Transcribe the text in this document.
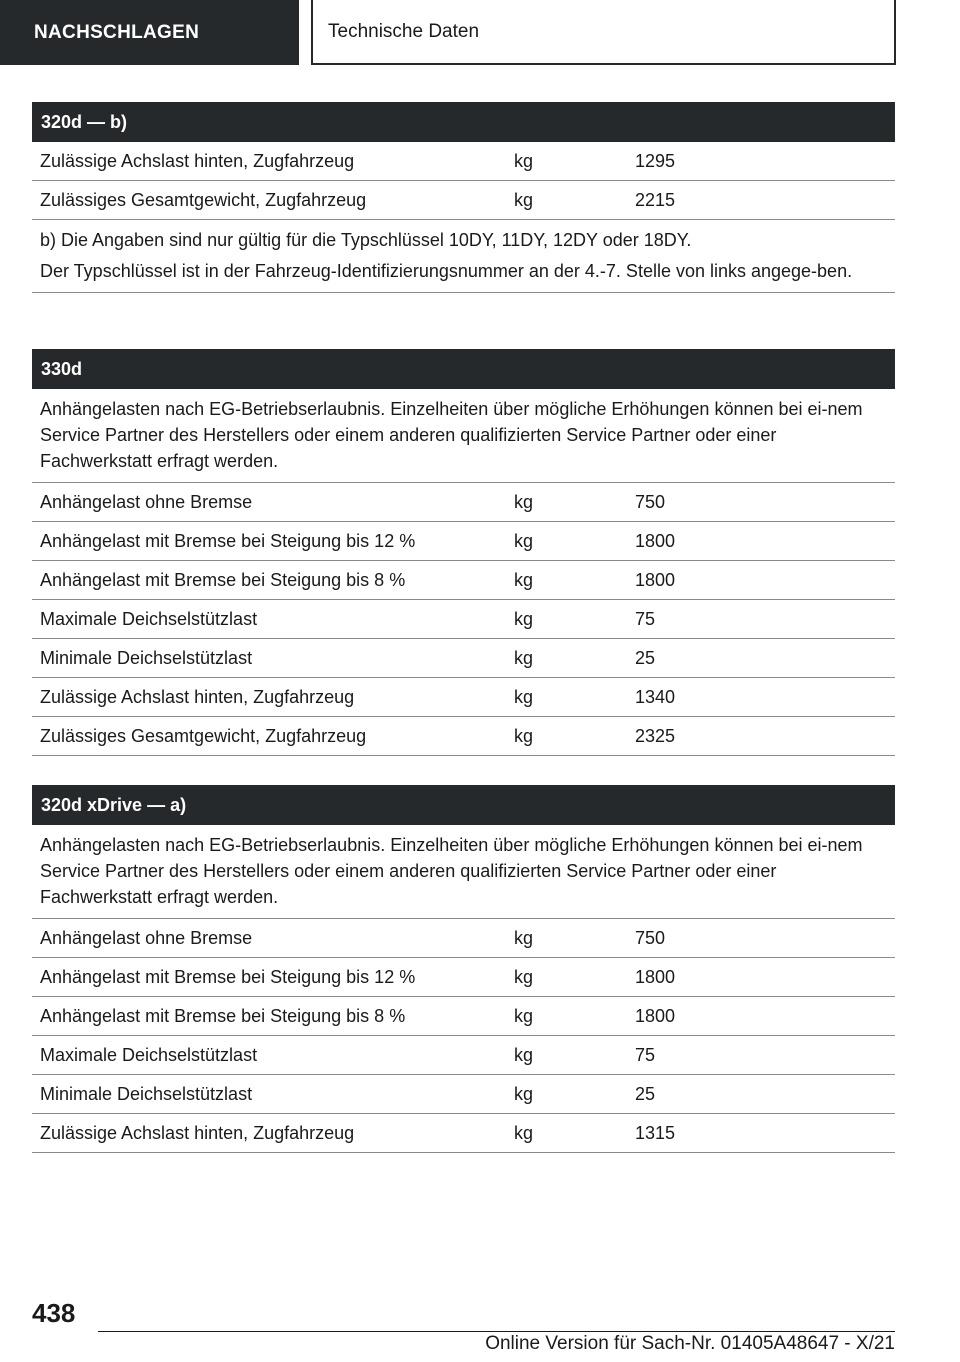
NACHSCHLAGEN	Technische Daten
320d — b)
Zulässige Achslast hinten, Zugfahrzeug	kg	1295
Zulässiges Gesamtgewicht, Zugfahrzeug	kg	2215

b) Die Angaben sind nur gültig für die Typschlüssel 10DY, 11DY, 12DY oder 18DY.

Der Typschlüssel ist in der Fahrzeug-Identifizierungsnummer an der 4.-7. Stelle von links angege-ben.

330d
Anhängelasten nach EG-Betriebserlaubnis. Einzelheiten über mögliche Erhöhungen können bei ei-nem Service Partner des Herstellers oder einem anderen qualifizierten Service Partner oder einer Fachwerkstatt erfragt werden.
Anhängelast ohne Bremse	kg	750
Anhängelast mit Bremse bei Steigung bis 12 %	kg	1800
Anhängelast mit Bremse bei Steigung bis 8 %	kg	1800
Maximale Deichselstützlast	kg	75
Minimale Deichselstützlast	kg	25
Zulässige Achslast hinten, Zugfahrzeug	kg	1340
Zulässiges Gesamtgewicht, Zugfahrzeug	kg	2325
320d xDrive — a)
Anhängelasten nach EG-Betriebserlaubnis. Einzelheiten über mögliche Erhöhungen können bei ei-nem Service Partner des Herstellers oder einem anderen qualifizierten Service Partner oder einer Fachwerkstatt erfragt werden.
Anhängelast ohne Bremse	kg	750
Anhängelast mit Bremse bei Steigung bis 12 %	kg	1800
Anhängelast mit Bremse bei Steigung bis 8 %	kg	1800
Maximale Deichselstützlast	kg	75
Minimale Deichselstützlast	kg	25
Zulässige Achslast hinten, Zugfahrzeug	kg	1315
438
Online Version für Sach-Nr. 01405A48647 - X/21
